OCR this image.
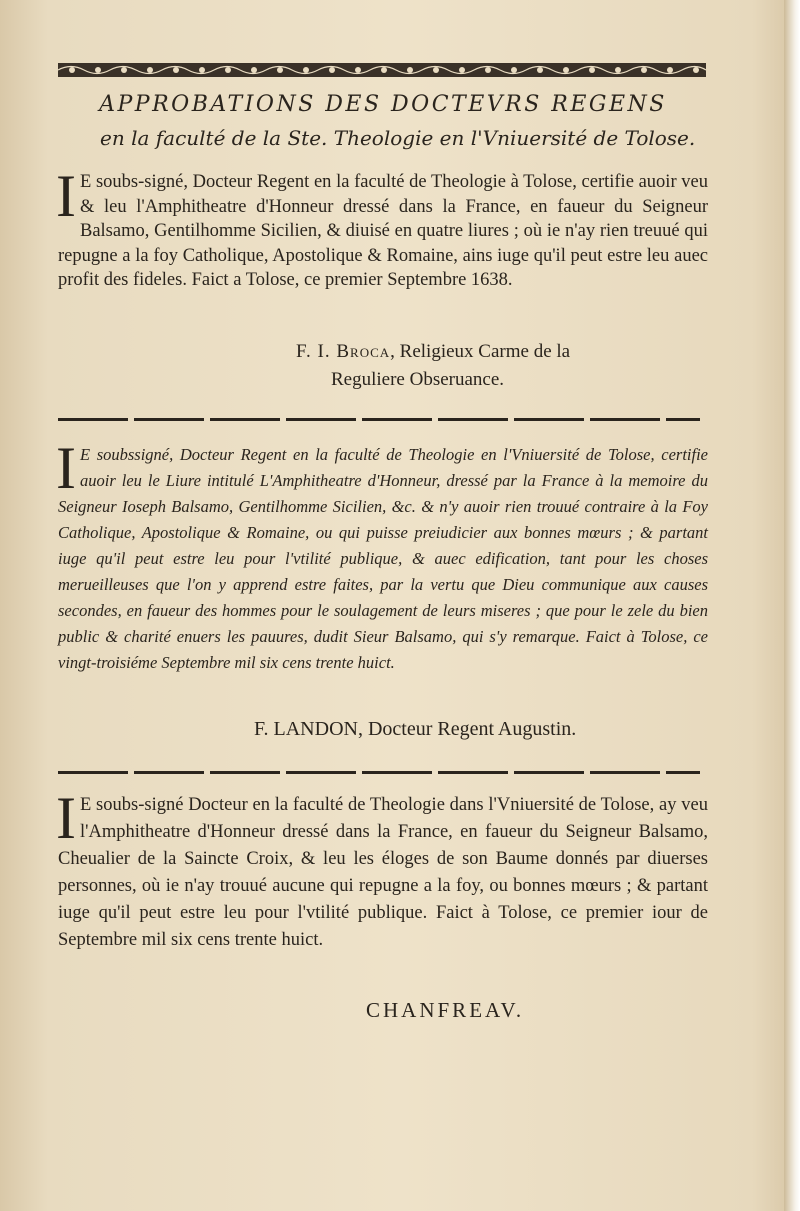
APPROBATIONS DES DOCTEVRS REGENS
en la faculté de la Ste. Theologie en l'Vniuersité de Tolose.

I E soubs-signé, Docteur Regent en la faculté de Theologie à Tolose, certifie auoir veu & leu l'Amphitheatre d'Honneur dressé dans la France, en faueur du Seigneur Balsamo, Gentilhomme Sicilien, & diuisé en quatre liures ; où ie n'ay rien treuué qui repugne a la foy Catholique, Apostolique & Romaine, ains iuge qu'il peut estre leu auec profit des fideles. Faict a Tolose, ce premier Septembre 1638.

F. I. Broca, Religieux Carme de la
Reguliere Obseruance.

I E soubssigné, Docteur Regent en la faculté de Theologie en l'Vniuersité de Tolose, certifie auoir leu le Liure intitulé L'Amphitheatre d'Honneur, dressé par la France à la memoire du Seigneur Ioseph Balsamo, Gentilhomme Sicilien, &c. & n'y auoir rien trouué contraire à la Foy Catholique, Apostolique & Romaine, ou qui puisse preiudicier aux bonnes mœurs ; & partant iuge qu'il peut estre leu pour l'vtilité publique, & auec edification, tant pour les choses merueilleuses que l'on y apprend estre faites, par la vertu que Dieu communique aux causes secondes, en faueur des hommes pour le soulagement de leurs miseres ; que pour le zele du bien public & charité enuers les pauures, dudit Sieur Balsamo, qui s'y remarque. Faict à Tolose, ce vingt-troisiéme Septembre mil six cens trente huict.

F. LANDON, Docteur Regent Augustin.

I E soubs-signé Docteur en la faculté de Theologie dans l'Vniuersité de Tolose, ay veu l'Amphitheatre d'Honneur dressé dans la France, en faueur du Seigneur Balsamo, Cheualier de la Saincte Croix, & leu les éloges de son Baume donnés par diuerses personnes, où ie n'ay trouué aucune qui repugne a la foy, ou bonnes mœurs ; & partant iuge qu'il peut estre leu pour l'vtilité publique. Faict à Tolose, ce premier iour de Septembre mil six cens trente huict.

CHANFREAV.
